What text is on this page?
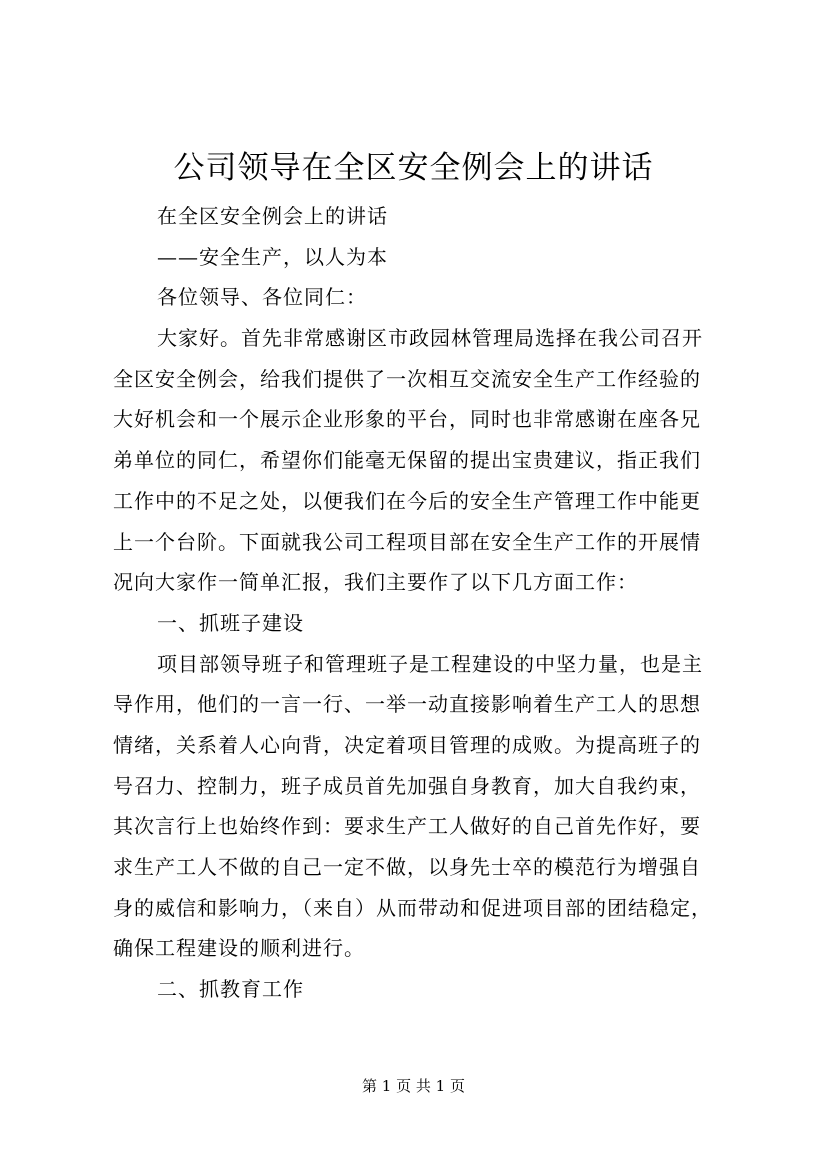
公司领导在全区安全例会上的讲话
在全区安全例会上的讲话
——安全生产，以人为本
各位领导、各位同仁：
大家好。首先非常感谢区市政园林管理局选择在我公司召开
全区安全例会，给我们提供了一次相互交流安全生产工作经验的
大好机会和一个展示企业形象的平台，同时也非常感谢在座各兄
弟单位的同仁，希望你们能毫无保留的提出宝贵建议，指正我们
工作中的不足之处，以便我们在今后的安全生产管理工作中能更
上一个台阶。下面就我公司工程项目部在安全生产工作的开展情
况向大家作一简单汇报，我们主要作了以下几方面工作：
一、抓班子建设
项目部领导班子和管理班子是工程建设的中坚力量，也是主
导作用，他们的一言一行、一举一动直接影响着生产工人的思想
情绪，关系着人心向背，决定着项目管理的成败。为提高班子的
号召力、控制力，班子成员首先加强自身教育，加大自我约束，
其次言行上也始终作到：要求生产工人做好的自己首先作好，要
求生产工人不做的自己一定不做，以身先士卒的模范行为增强自
身的威信和影响力，（来自）从而带动和促进项目部的团结稳定，
确保工程建设的顺利进行。
二、抓教育工作
第 1 页 共 1 页
